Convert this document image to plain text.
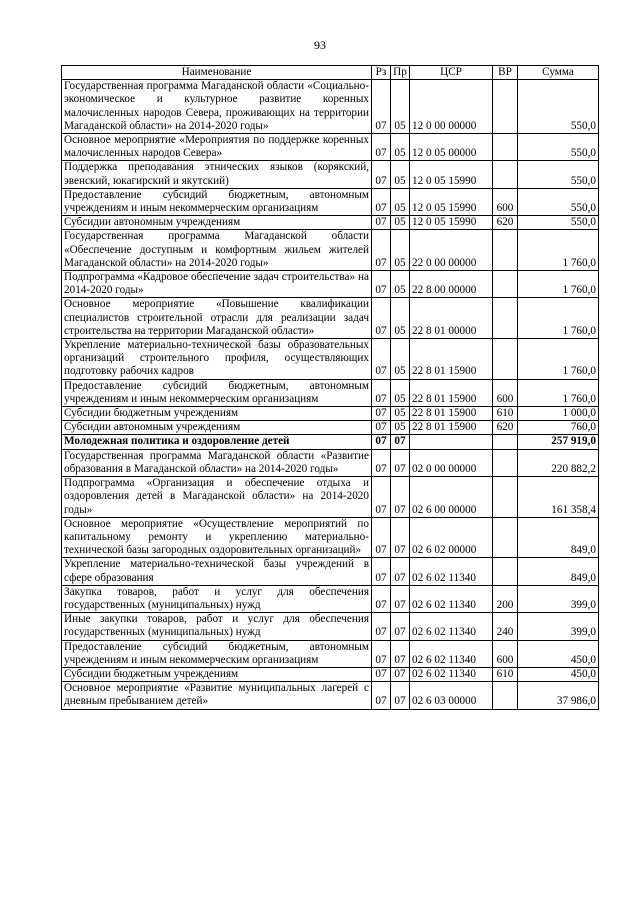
93
Наименование	Рз	Пр	ЦСР	ВР	Сумма
Государственная программа Магаданской области «Социально-экономическое и культурное развитие коренных малочисленных народов Севера, проживающих на территории Магаданской области» на 2014-2020 годы»	07	05	12 0 00 00000		550,0
Основное мероприятие «Мероприятия по поддержке коренных малочисленных народов Севера»	07	05	12 0 05 00000		550,0
Поддержка преподавания этнических языков (корякский, эвенский, юкагирский и якутский)	07	05	12 0 05 15990		550,0
Предоставление субсидий бюджетным, автономным учреждениям и иным некоммерческим организациям	07	05	12 0 05 15990	600	550,0
Субсидии автономным учреждениям	07	05	12 0 05 15990	620	550,0
Государственная программа Магаданской области «Обеспечение доступным и комфортным жильем жителей Магаданской области» на 2014-2020 годы»	07	05	22 0 00 00000		1 760,0
Подпрограмма «Кадровое обеспечение задач строительства» на 2014-2020 годы»	07	05	22 8 00 00000		1 760,0
Основное мероприятие «Повышение квалификации специалистов строительной отрасли для реализации задач строительства на территории Магаданской области»	07	05	22 8 01 00000		1 760,0
Укрепление материально-технической базы образовательных организаций строительного профиля, осуществляющих подготовку рабочих кадров	07	05	22 8 01 15900		1 760,0
Предоставление субсидий бюджетным, автономным учреждениям и иным некоммерческим организациям	07	05	22 8 01 15900	600	1 760,0
Субсидии бюджетным учреждениям	07	05	22 8 01 15900	610	1 000,0
Субсидии автономным учреждениям	07	05	22 8 01 15900	620	760,0
Молодежная политика и оздоровление детей	07	07			257 919,0
Государственная программа Магаданской области «Развитие образования в Магаданской области» на 2014-2020 годы»	07	07	02 0 00 00000		220 882,2
Подпрограмма «Организация и обеспечение отдыха и оздоровления детей в Магаданской области» на 2014-2020 годы»	07	07	02 6 00 00000		161 358,4
Основное мероприятие «Осуществление мероприятий по капитальному ремонту и укреплению материально-технической базы загородных оздоровительных организаций»	07	07	02 6 02 00000		849,0
Укрепление материально-технической базы учреждений в сфере образования	07	07	02 6 02 11340		849,0
Закупка товаров, работ и услуг для обеспечения государственных (муниципальных) нужд	07	07	02 6 02 11340	200	399,0
Иные закупки товаров, работ и услуг для обеспечения государственных (муниципальных) нужд	07	07	02 6 02 11340	240	399,0
Предоставление субсидий бюджетным, автономным учреждениям и иным некоммерческим организациям	07	07	02 6 02 11340	600	450,0
Субсидии бюджетным учреждениям	07	07	02 6 02 11340	610	450,0
Основное мероприятие «Развитие муниципальных лагерей с дневным пребыванием детей»	07	07	02 6 03 00000		37 986,0
